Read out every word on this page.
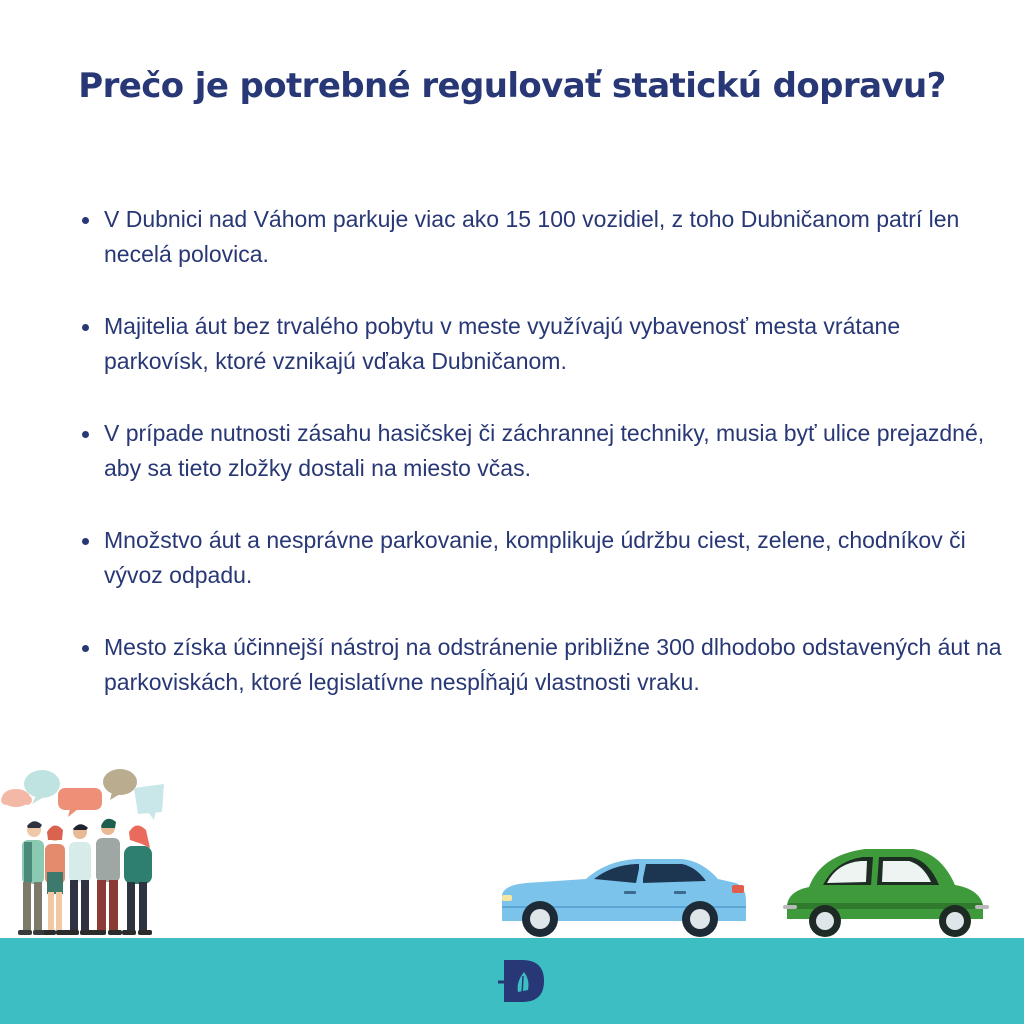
Prečo je potrebné regulovať statickú dopravu?
V Dubnici nad Váhom parkuje viac ako 15 100 vozidiel, z toho Dubničanom patrí len necelá polovica.
Majitelia áut bez trvalého pobytu v meste využívajú vybavenosť mesta vrátane parkovísk, ktoré vznikajú vďaka Dubničanom.
V prípade nutnosti zásahu hasičskej či záchrannej techniky, musia byť ulice prejazdné, aby sa tieto zložky dostali na miesto včas.
Množstvo áut a nesprávne parkovanie, komplikuje údržbu ciest, zelene, chodníkov či vývoz odpadu.
Mesto získa účinnejší nástroj na odstránenie približne 300 dlhodobo odstavených áut na parkoviskách, ktoré legislatívne nespĺňajú vlastnosti vraku.
